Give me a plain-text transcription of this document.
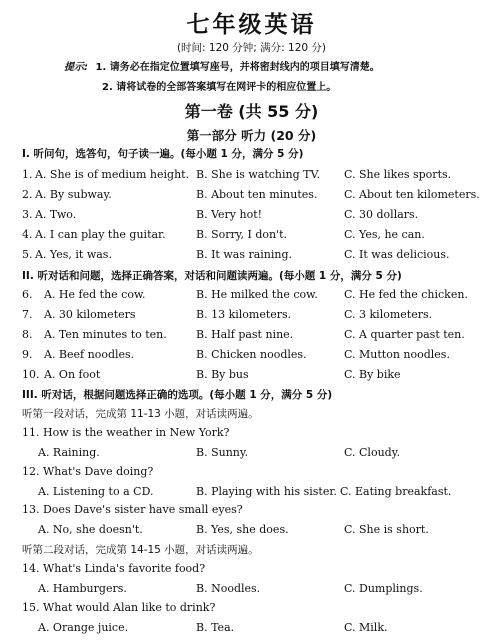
七年级英语
(时间: 120 分钟; 满分: 120 分)
提示: 1. 请务必在指定位置填写座号，并将密封线内的项目填写清楚。
2. 请将试卷的全部答案填写在网评卡的相应位置上。
第一卷 (共 55 分)
第一部分 听力 (20 分)
I. 听问句，选答句，句子读一遍。(每小题 1 分，满分 5 分)
1. A. She is of medium height. B. She is watching TV. C. She likes sports.
2. A. By subway.	B. About ten minutes. C. About ten kilometers.
3. A. Two.	B. Very hot!	C. 30 dollars.
4. A. I can play the guitar.	B. Sorry, I don't.	C. Yes, he can.
5. A. Yes, it was.	B. It was raining.	C. It was delicious.
II. 听对话和问题，选择正确答案，对话和问题读两遍。(每小题 1 分，满分 5 分)
6. A. He fed the cow.	B. He milked the cow. C. He fed the chicken.
7. A. 30 kilometers	B. 13 kilometers.	C. 3 kilometers.
8. A. Ten minutes to ten.	B. Half past nine.	C. A quarter past ten.
9. A. Beef noodles.	B. Chicken noodles.	C. Mutton noodles.
10. A. On foot	B. By bus	C. By bike
III. 听对话，根据问题选择正确的选项。(每小题 1 分，满分 5 分)
听第一段对话，完成第 11-13 小题，对话读两遍。
11. How is the weather in New York?
A. Raining.	B. Sunny.	C. Cloudy.
12. What's Dave doing?
A. Listening to a CD.	B. Playing with his sister. C. Eating breakfast.
13. Does Dave's sister have small eyes?
A. No, she doesn't.	B. Yes, she does.	C. She is short.
听第二段对话，完成第 14-15 小题，对话读两遍。
14. What's Linda's favorite food?
A. Hamburgers.	B. Noodles.	C. Dumplings.
15. What would Alan like to drink?
A. Orange juice.	B. Tea.	C. Milk.
